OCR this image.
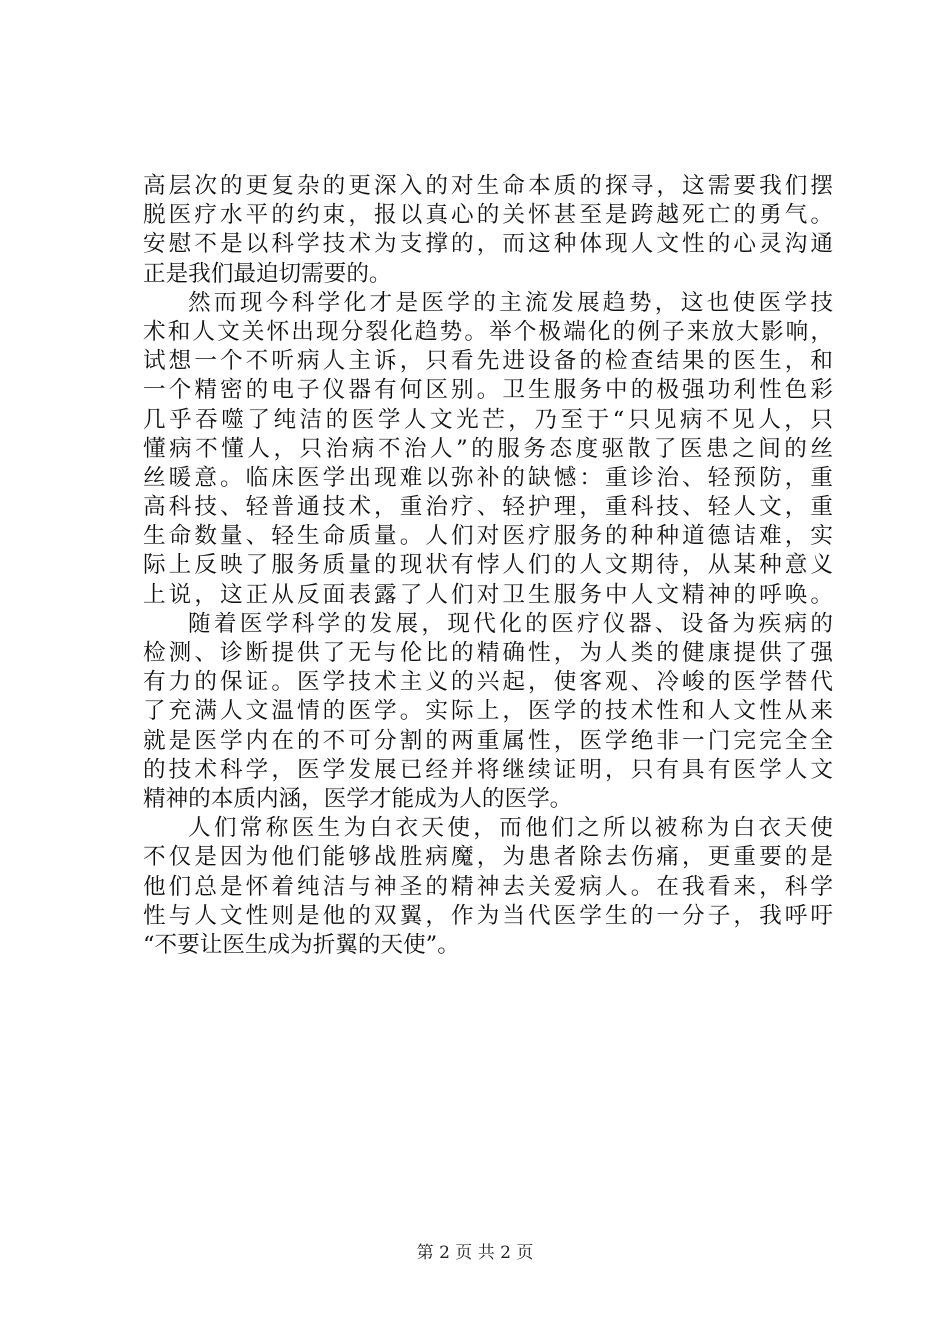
高层次的更复杂的更深入的对生命本质的探寻，这需要我们摆
脱医疗水平的约束，报以真心的关怀甚至是跨越死亡的勇气。
安慰不是以科学技术为支撑的，而这种体现人文性的心灵沟通
正是我们最迫切需要的。
然而现今科学化才是医学的主流发展趋势，这也使医学技
术和人文关怀出现分裂化趋势。举个极端化的例子来放大影响，
试想一个不听病人主诉，只看先进设备的检查结果的医生，和
一个精密的电子仪器有何区别。卫生服务中的极强功利性色彩
几乎吞噬了纯洁的医学人文光芒，乃至于“只见病不见人，只
懂病不懂人，只治病不治人”的服务态度驱散了医患之间的丝
丝暖意。临床医学出现难以弥补的缺憾：重诊治、轻预防，重
高科技、轻普通技术，重治疗、轻护理，重科技、轻人文，重
生命数量、轻生命质量。人们对医疗服务的种种道德诘难，实
际上反映了服务质量的现状有悖人们的人文期待，从某种意义
上说，这正从反面表露了人们对卫生服务中人文精神的呼唤。
随着医学科学的发展，现代化的医疗仪器、设备为疾病的
检测、诊断提供了无与伦比的精确性，为人类的健康提供了强
有力的保证。医学技术主义的兴起，使客观、冷峻的医学替代
了充满人文温情的医学。实际上，医学的技术性和人文性从来
就是医学内在的不可分割的两重属性，医学绝非一门完完全全
的技术科学，医学发展已经并将继续证明，只有具有医学人文
精神的本质内涵，医学才能成为人的医学。
人们常称医生为白衣天使，而他们之所以被称为白衣天使
不仅是因为他们能够战胜病魔，为患者除去伤痛，更重要的是
他们总是怀着纯洁与神圣的精神去关爱病人。在我看来，科学
性与人文性则是他的双翼，作为当代医学生的一分子，我呼吁
“不要让医生成为折翼的天使”。
第 2 页 共 2 页
